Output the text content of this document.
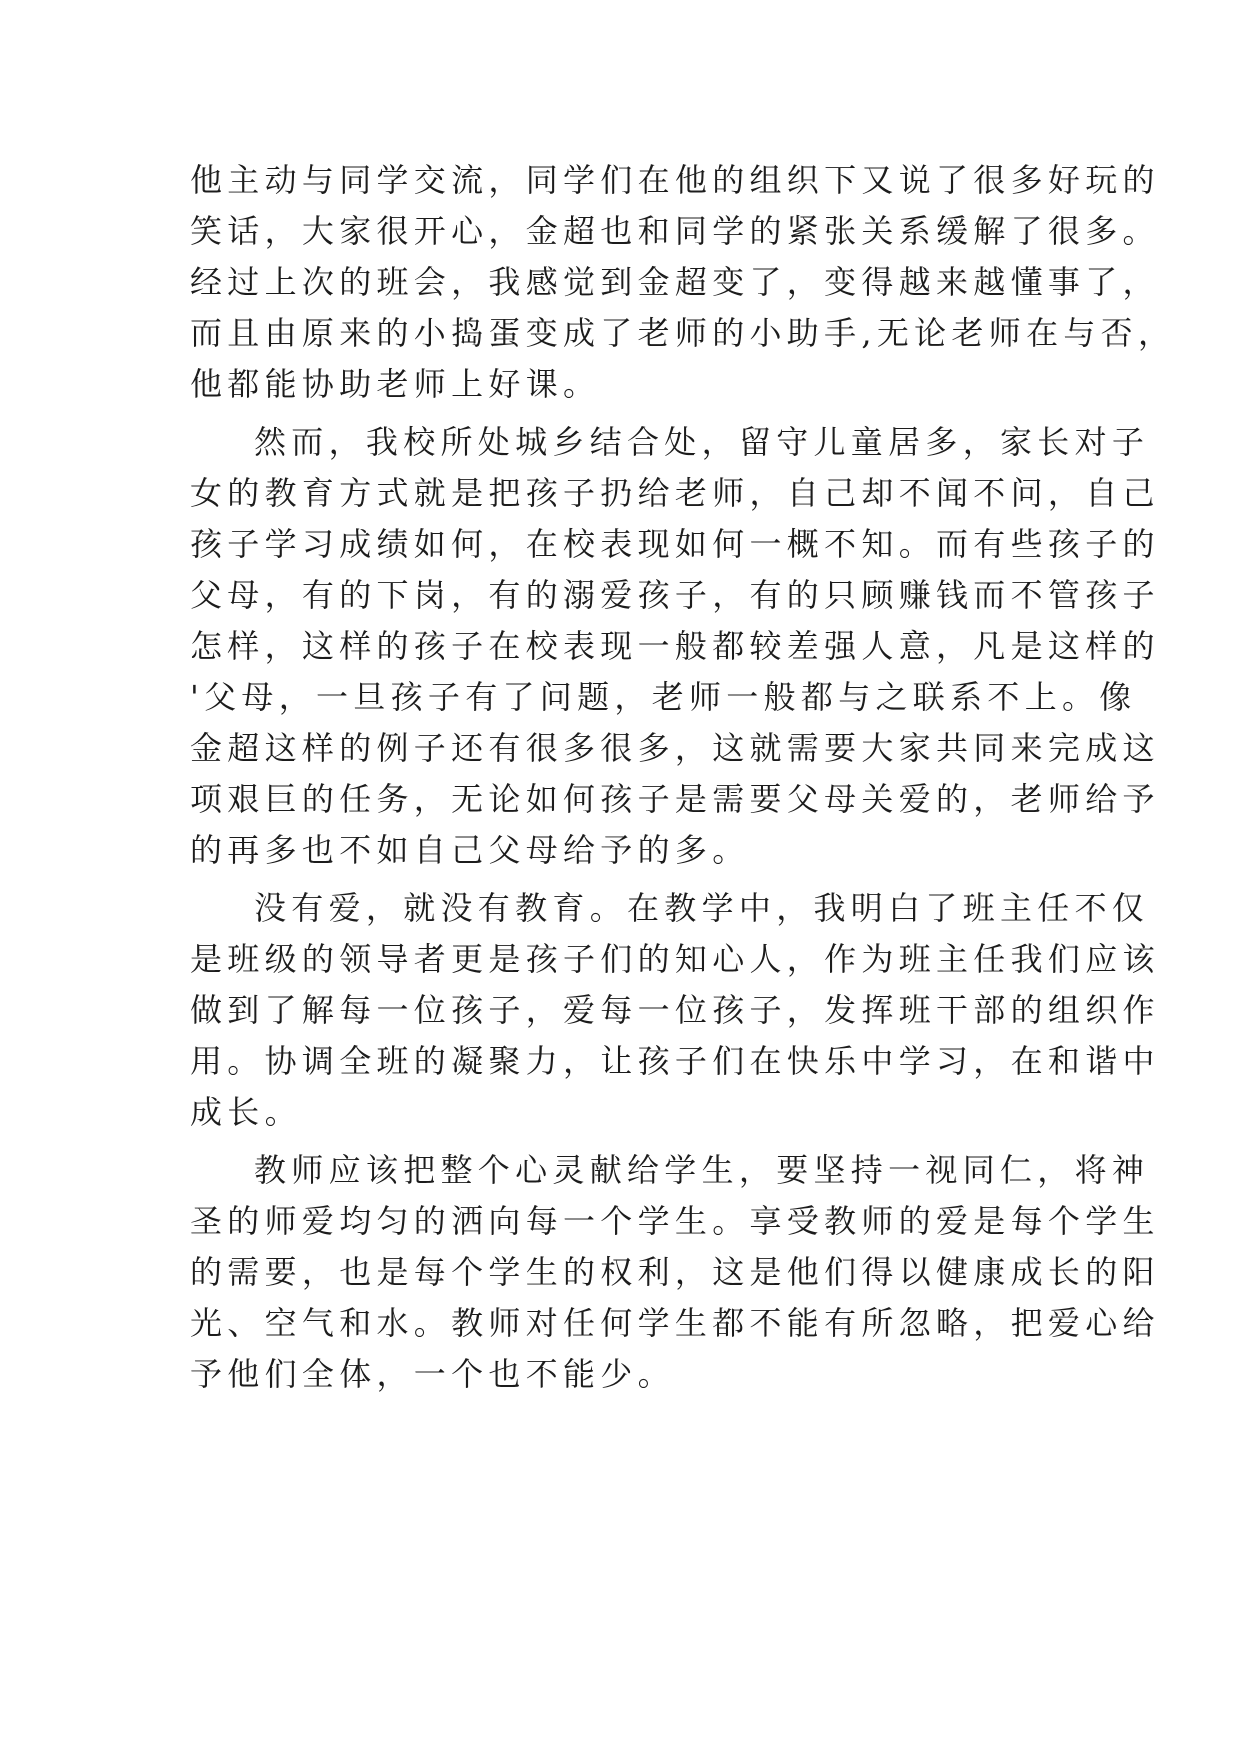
他主动与同学交流，同学们在他的组织下又说了很多好玩的
笑话，大家很开心，金超也和同学的紧张关系缓解了很多。
经过上次的班会，我感觉到金超变了，变得越来越懂事了，
而且由原来的小捣蛋变成了老师的小助手,无论老师在与否，
他都能协助老师上好课。
然而，我校所处城乡结合处，留守儿童居多，家长对子
女的教育方式就是把孩子扔给老师，自己却不闻不问，自己
孩子学习成绩如何，在校表现如何一概不知。而有些孩子的
父母，有的下岗，有的溺爱孩子，有的只顾赚钱而不管孩子
怎样，这样的孩子在校表现一般都较差强人意，凡是这样的
'父母，一旦孩子有了问题，老师一般都与之联系不上。像
金超这样的例子还有很多很多，这就需要大家共同来完成这
项艰巨的任务，无论如何孩子是需要父母关爱的，老师给予
的再多也不如自己父母给予的多。
没有爱，就没有教育。在教学中，我明白了班主任不仅
是班级的领导者更是孩子们的知心人，作为班主任我们应该
做到了解每一位孩子，爱每一位孩子，发挥班干部的组织作
用。协调全班的凝聚力，让孩子们在快乐中学习，在和谐中
成长。
教师应该把整个心灵献给学生，要坚持一视同仁，将神
圣的师爱均匀的洒向每一个学生。享受教师的爱是每个学生
的需要，也是每个学生的权利，这是他们得以健康成长的阳
光、空气和水。教师对任何学生都不能有所忽略，把爱心给
予他们全体，一个也不能少。
